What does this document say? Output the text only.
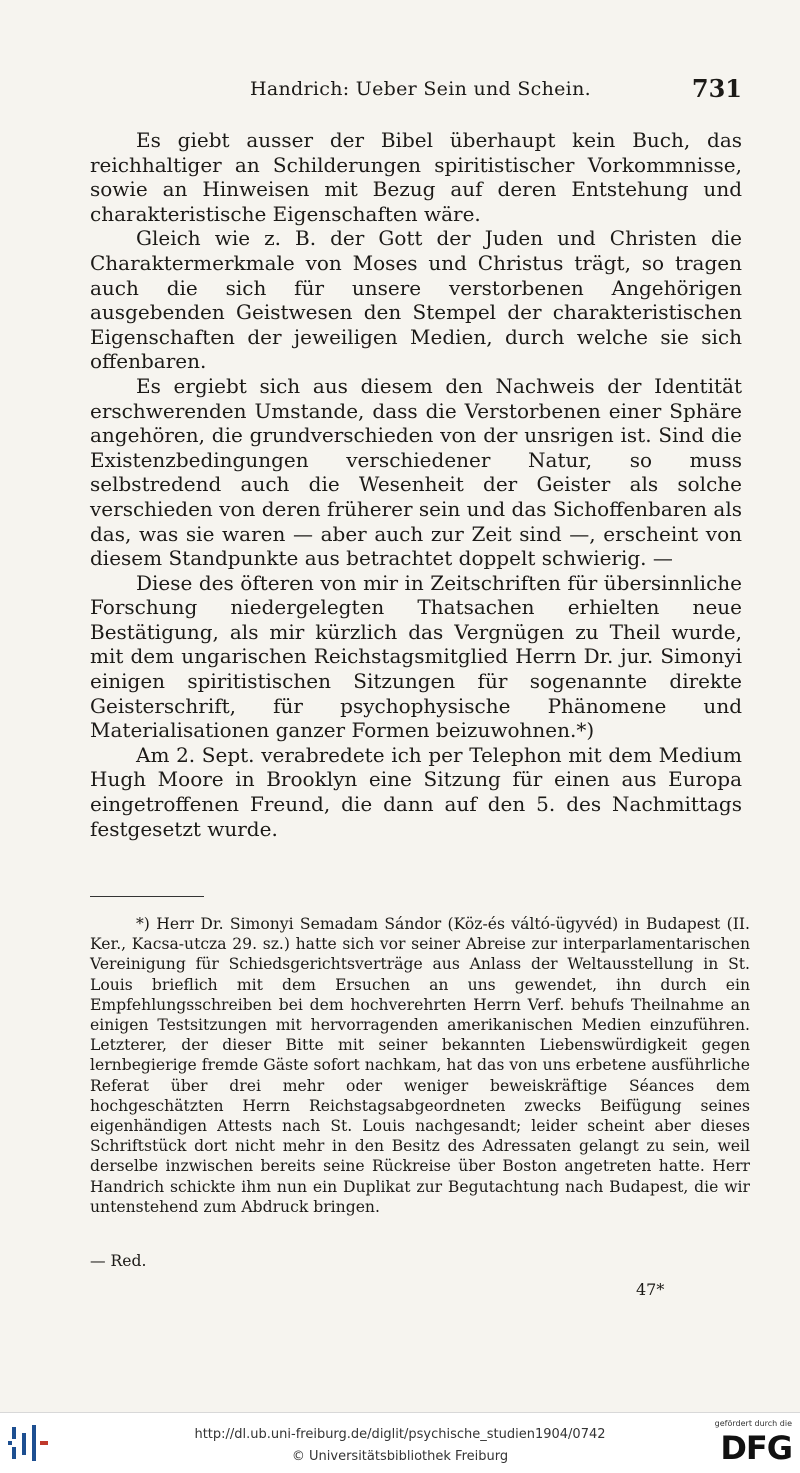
Handrich: Ueber Sein und Schein.	731

Es giebt ausser der Bibel überhaupt kein Buch, das reichhaltiger an Schilderungen spiritistischer Vorkommnisse, sowie an Hinweisen mit Bezug auf deren Entstehung und charakteristische Eigenschaften wäre.

Gleich wie z. B. der Gott der Juden und Christen die Charaktermerkmale von Moses und Christus trägt, so tragen auch die sich für unsere verstorbenen Angehörigen ausgebenden Geistwesen den Stempel der charakteristischen Eigenschaften der jeweiligen Medien, durch welche sie sich offenbaren.

Es ergiebt sich aus diesem den Nachweis der Identität erschwerenden Umstande, dass die Verstorbenen einer Sphäre angehören, die grundverschieden von der unsrigen ist. Sind die Existenzbedingungen verschiedener Natur, so muss selbstredend auch die Wesenheit der Geister als solche verschieden von deren früherer sein und das Sichoffenbaren als das, was sie waren — aber auch zur Zeit sind —, erscheint von diesem Standpunkte aus betrachtet doppelt schwierig. —

Diese des öfteren von mir in Zeitschriften für übersinnliche Forschung niedergelegten Thatsachen erhielten neue Bestätigung, als mir kürzlich das Vergnügen zu Theil wurde, mit dem ungarischen Reichstagsmitglied Herrn Dr. jur. Simonyi einigen spiritistischen Sitzungen für sogenannte direkte Geisterschrift, für psychophysische Phänomene und Materialisationen ganzer Formen beizuwohnen.*)

Am 2. Sept. verabredete ich per Telephon mit dem Medium Hugh Moore in Brooklyn eine Sitzung für einen aus Europa eingetroffenen Freund, die dann auf den 5. des Nachmittags festgesetzt wurde.

*) Herr Dr. Simonyi Semadam Sándor (Köz-és váltó-ügyvéd) in Budapest (II. Ker., Kacsa-utcza 29. sz.) hatte sich vor seiner Abreise zur interparlamentarischen Vereinigung für Schiedsgerichtsverträge aus Anlass der Weltausstellung in St. Louis brieflich mit dem Ersuchen an uns gewendet, ihn durch ein Empfehlungsschreiben bei dem hochverehrten Herrn Verf. behufs Theilnahme an einigen Testsitzungen mit hervorragenden amerikanischen Medien einzuführen. Letzterer, der dieser Bitte mit seiner bekannten Liebenswürdigkeit gegen lernbegierige fremde Gäste sofort nachkam, hat das von uns erbetene ausführliche Referat über drei mehr oder weniger beweiskräftige Séances dem hochgeschätzten Herrn Reichstagsabgeordneten zwecks Beifügung seines eigenhändigen Attests nach St. Louis nachgesandt; leider scheint aber dieses Schriftstück dort nicht mehr in den Besitz des Adressaten gelangt zu sein, weil derselbe inzwischen bereits seine Rückreise über Boston angetreten hatte. Herr Handrich schickte ihm nun ein Duplikat zur Begutachtung nach Budapest, die wir untenstehend zum Abdruck bringen.

— Red.
47*
http://dl.ub.uni-freiburg.de/diglit/psychische_studien1904/0742
© Universitätsbibliothek Freiburg
gefördert durch die
DFG
